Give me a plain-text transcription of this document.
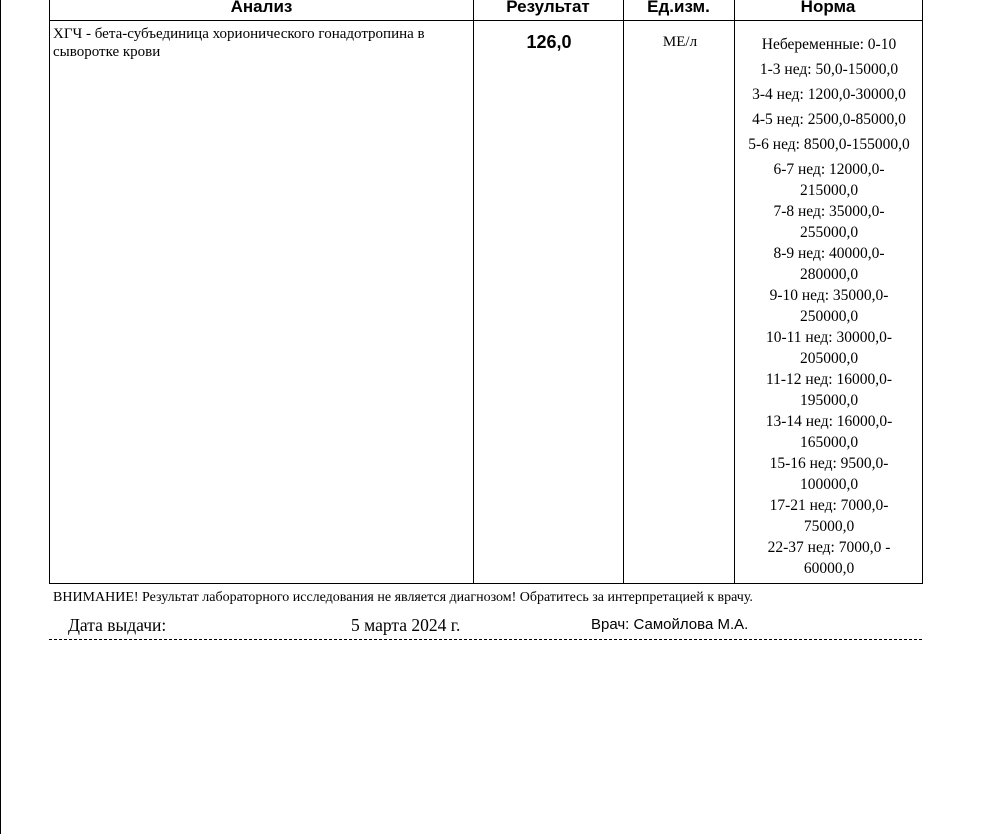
Анализ	Результат	Ед.изм.	Норма
ХГЧ - бета-субъединица хорионического гонадотропина в сыворотке крови	126,0	МЕ/л	Небеременные: 0-10
1-3 нед: 50,0-15000,0
3-4 нед: 1200,0-30000,0
4-5 нед: 2500,0-85000,0
5-6 нед: 8500,0-155000,0
6-7 нед: 12000,0-215000,0
7-8 нед: 35000,0-255000,0
8-9 нед: 40000,0-280000,0
9-10 нед: 35000,0-250000,0
10-11 нед: 30000,0-205000,0
11-12 нед: 16000,0-195000,0
13-14 нед: 16000,0-165000,0
15-16 нед: 9500,0-100000,0
17-21 нед: 7000,0-75000,0
22-37 нед: 7000,0 - 60000,0
ВНИМАНИЕ! Результат лабораторного исследования не является диагнозом! Обратитесь за интерпретацией к врачу.
Дата выдачи:	5 марта 2024 г.	Врач: Самойлова М.А.
